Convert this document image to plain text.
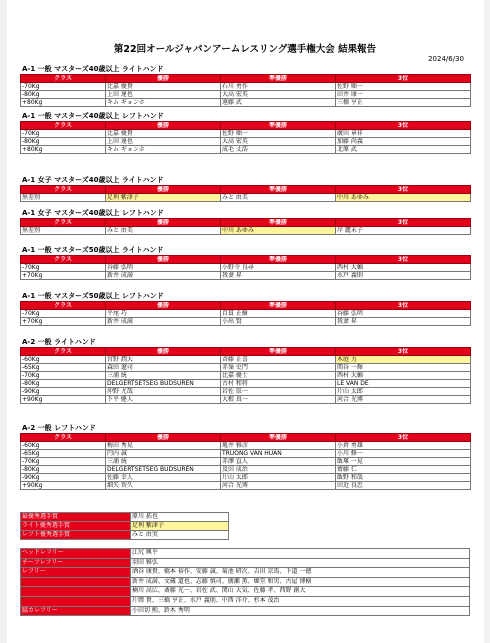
第22回オールジャパンアームレスリング選手権大会 結果報告
2024/6/30
A-1 一般 マスターズ40歳以上 ライトハンド
クラス	優勝	準優勝	3位
-70Kg	比嘉 優貴	石川 勇作	佐野 順一
-80Kg	上田 達也	大高 宏英	田井 康一
+80Kg	キム ギョンホ	遠藤 武	三橋 亨正
A-1 一般 マスターズ40歳以上 レフトハンド
クラス	優勝	準優勝	3位
-70Kg	比嘉 優貴	佐野 順一	廣田 章祥
-80Kg	上田 達也	大高 宏英	加藤 尚義
+80Kg	キム ギョンホ	成毛 丈浩	北原 武
A-1 女子 マスターズ40歳以上 ライトハンド
クラス	優勝	準優勝	3位
無差別	足利 紫津子	みと 由美	中川 あゆみ
A-1 女子 マスターズ40歳以上 レフトハンド
クラス	優勝	準優勝	3位
無差別	みと 由美	中川 あゆみ	岸 麗未子
A-1 一般 マスターズ50歳以上 ライトハンド
クラス	優勝	準優勝	3位
-70Kg	谷藤 弘明	小野寺 良尋	西村 大輔
+70Kg	新井 成満	我妻 昇	水戸 義則
A-1 一般 マスターズ50歳以上 レフトハンド
クラス	優勝	準優勝	3位
-70Kg	平尾 巧	百貫 正樹	谷藤 弘明
+70Kg	新井 成満	小出 賢	我妻 昇
A-2 一般 ライトハンド
クラス	優勝	準優勝	3位
-60Kg	宮野 潤大	斉藤 正喜	木庭 力
-65Kg	森田 遼司	赤嶺 史門	関谷 一輝
-70Kg	三浦 統	比嘉 優士	西村 大輔
-80Kg	DELGERTSETSEG BUDSUREN	古村 和将	LE VAN DE
-90Kg	沖野 尤哉	岩佐 辰一	片山 太郎
+90Kg	下平 健人	大根 真一	河合 光博
A-2 一般 レフトハンド
クラス	優勝	準優勝	3位
-60Kg	梅田 秀晃	亀井 雅彦	小倉 勇雄
-65Kg	円内 誠	TRUONG VAN HUAN	小川 修一
-70Kg	三浦 統	赤澤 直人	飯塚 一晃
-80Kg	DELGERTSETSEG BUDSUREN	及田 成治	齋藤 仁
-90Kg	佐藤 幸人	片山 太郎	飯野 和哉
+90Kg	細矢 智久	河合 光博	田近 良忠
最優秀選手賞	原川 拓也
ライト優秀選手賞	足利 紫津子
レフト優秀選手賞	みと 由実
ヘッドレフリー	江尻 興平
チーフレフリー	羽田 雅弘
レフリー	酒谷 康貴、橋本 裕作、安藤 誠、菊池 研次、吉田 京馬、下道 一徳
	新井 成満、文蔵 道也、志藤 慎司、廣瀬 薫、堀堂 和男、古屋 博樹
	楠川 高広、斎藤 光一、岩佐 武、関山 大気、佐藤 孝、西野 創大
	片岡 貴、三橋 亨正、水戸 義則、中西 洋介、杉本 茂治
脇カレフリー	小田切 勲、鈴木 秀明
